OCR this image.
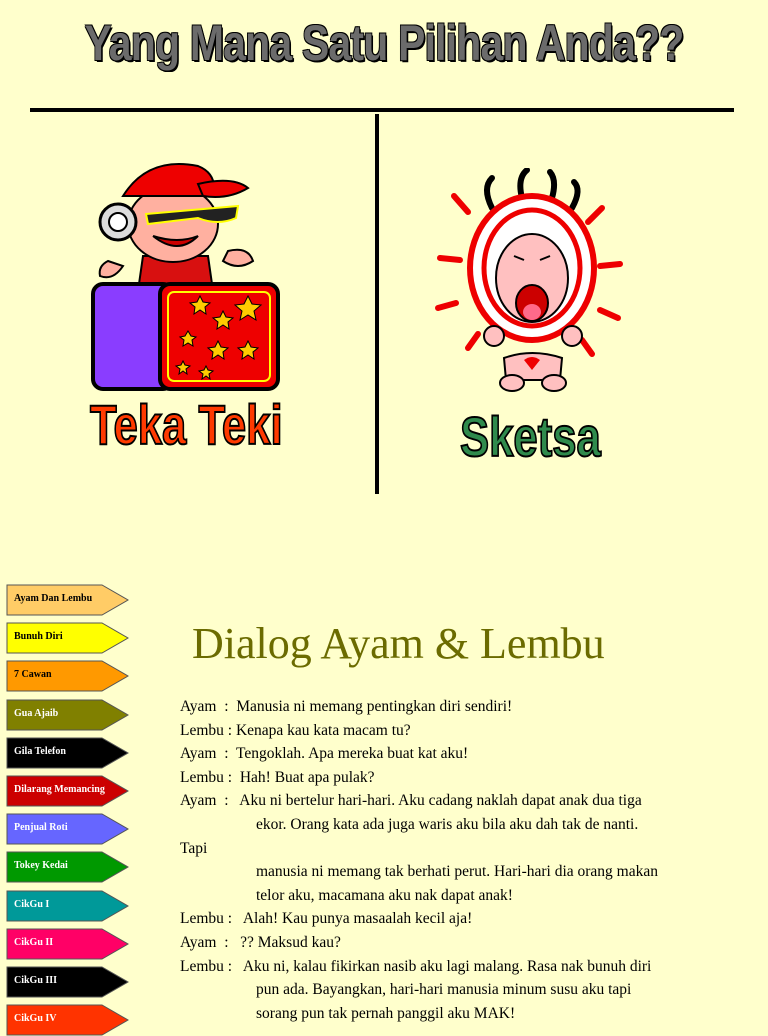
Yang Mana Satu Pilihan Anda??
Teka Teki	Sketsa
Ayam Dan Lembu
Bunuh Diri
7 Cawan
Gua Ajaib
Gila Telefon
Dilarang Memancing
Penjual Roti
Tokey Kedai
CikGu I
CikGu II
CikGu III
CikGu IV
Dialog Ayam & Lembu
Ayam  :  Manusia ni memang pentingkan diri sendiri!
Lembu : Kenapa kau kata macam tu?
Ayam  :  Tengoklah. Apa mereka buat kat aku!
Lembu :  Hah! Buat apa pulak?
Ayam  :   Aku ni bertelur hari-hari. Aku cadang naklah dapat anak dua tiga
ekor. Orang kata ada juga waris aku bila aku dah tak de nanti.
Tapi
manusia ni memang tak berhati perut. Hari-hari dia orang makan
telor aku, macamana aku nak dapat anak!
Lembu :   Alah! Kau punya masaalah kecil aja!
Ayam  :   ?? Maksud kau?
Lembu :   Aku ni, kalau fikirkan nasib aku lagi malang. Rasa nak bunuh diri
pun ada. Bayangkan, hari-hari manusia minum susu aku tapi
sorang pun tak pernah panggil aku MAK!
